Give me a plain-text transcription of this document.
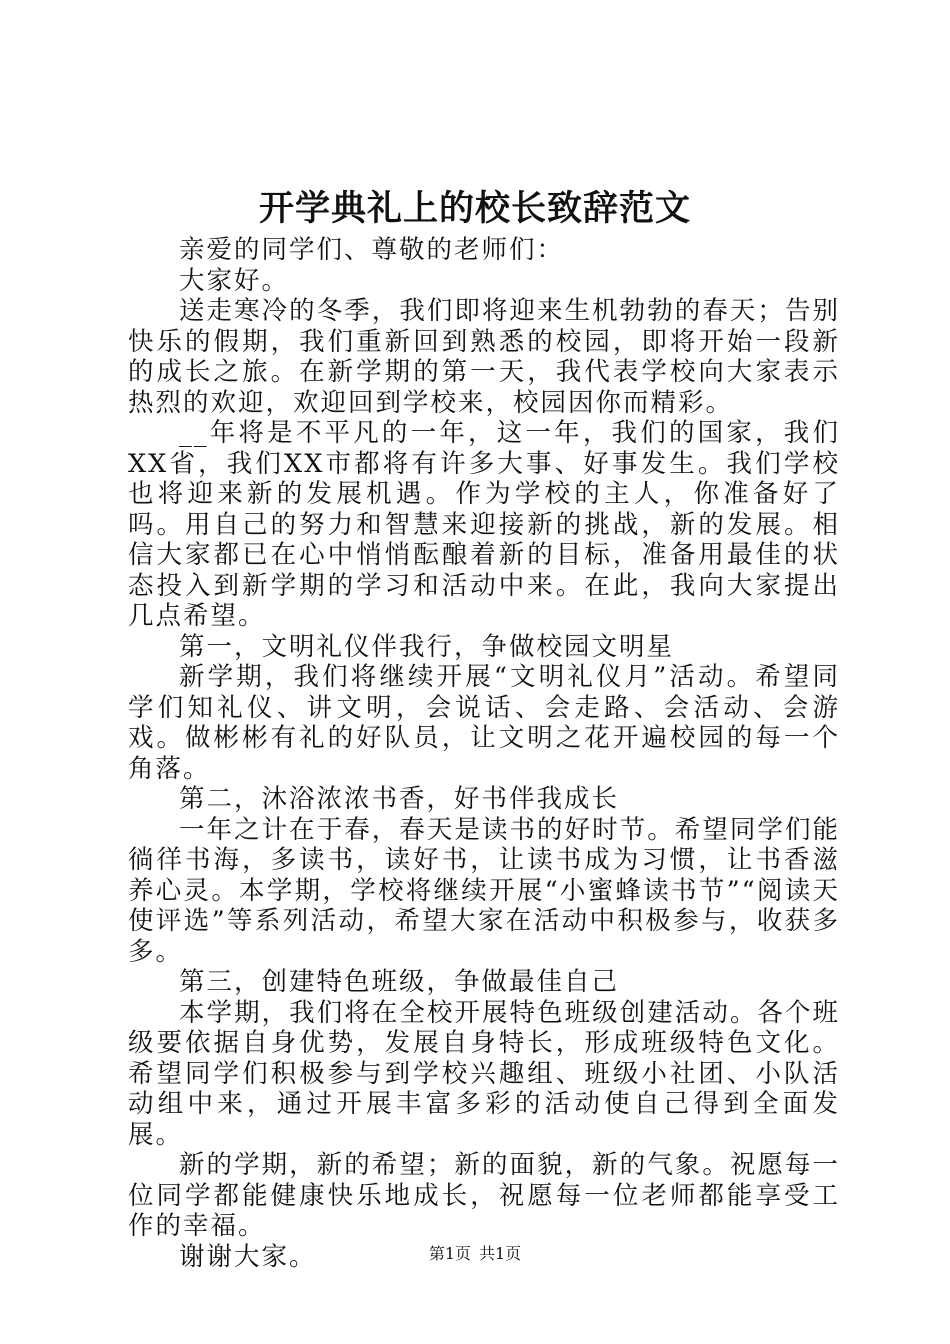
开学典礼上的校长致辞范文

亲爱的同学们、尊敬的老师们：

大家好。

送走寒冷的冬季，我们即将迎来生机勃勃的春天；告别快乐的假期，我们重新回到熟悉的校园，即将开始一段新的成长之旅。在新学期的第一天，我代表学校向大家表示热烈的欢迎，欢迎回到学校来，校园因你而精彩。

__年将是不平凡的一年，这一年，我们的国家，我们XX省，我们XX市都将有许多大事、好事发生。我们学校也将迎来新的发展机遇。作为学校的主人，你准备好了吗。用自己的努力和智慧来迎接新的挑战，新的发展。相信大家都已在心中悄悄酝酿着新的目标，准备用最佳的状态投入到新学期的学习和活动中来。在此，我向大家提出几点希望。

第一，文明礼仪伴我行，争做校园文明星

新学期，我们将继续开展“文明礼仪月”活动。希望同学们知礼仪、讲文明，会说话、会走路、会活动、会游戏。做彬彬有礼的好队员，让文明之花开遍校园的每一个角落。

第二，沐浴浓浓书香，好书伴我成长

一年之计在于春，春天是读书的好时节。希望同学们能徜徉书海，多读书，读好书，让读书成为习惯，让书香滋养心灵。本学期，学校将继续开展“小蜜蜂读书节”“阅读天使评选”等系列活动，希望大家在活动中积极参与，收获多多。

第三，创建特色班级，争做最佳自己

本学期，我们将在全校开展特色班级创建活动。各个班级要依据自身优势，发展自身特长，形成班级特色文化。希望同学们积极参与到学校兴趣组、班级小社团、小队活动组中来，通过开展丰富多彩的活动使自己得到全面发展。

新的学期，新的希望；新的面貌，新的气象。祝愿每一位同学都能健康快乐地成长，祝愿每一位老师都能享受工作的幸福。

谢谢大家。	第1页 共1页
